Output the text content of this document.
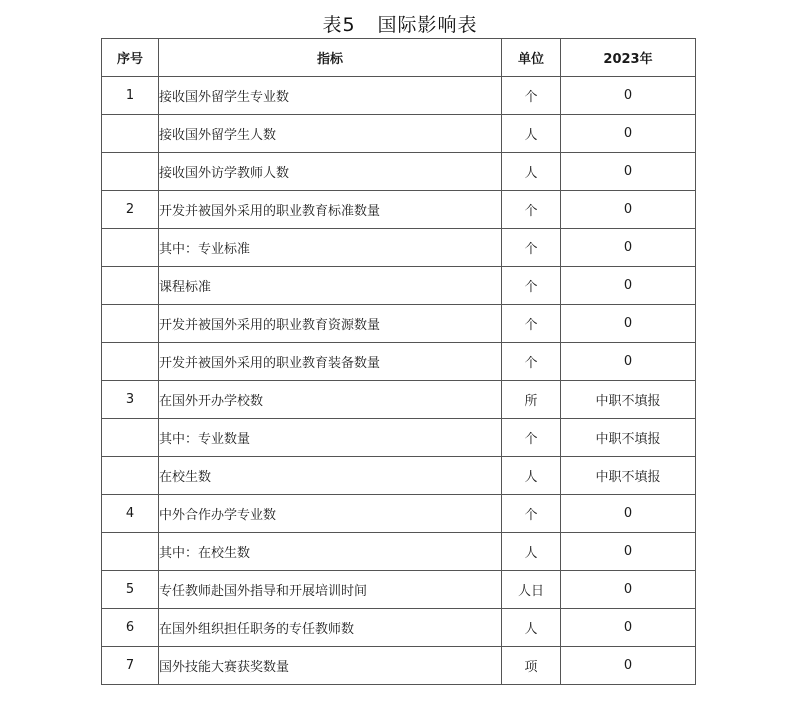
表5 国际影响表
序号	指标	单位	2023年
1	接收国外留学生专业数	个	0
	接收国外留学生人数	人	0
	接收国外访学教师人数	人	0
2	开发并被国外采用的职业教育标准数量	个	0
	其中：专业标准	个	0
	课程标准	个	0
	开发并被国外采用的职业教育资源数量	个	0
	开发并被国外采用的职业教育装备数量	个	0
3	在国外开办学校数	所	中职不填报
	其中：专业数量	个	中职不填报
	在校生数	人	中职不填报
4	中外合作办学专业数	个	0
	其中：在校生数	人	0
5	专任教师赴国外指导和开展培训时间	人日	0
6	在国外组织担任职务的专任教师数	人	0
7	国外技能大赛获奖数量	项	0
